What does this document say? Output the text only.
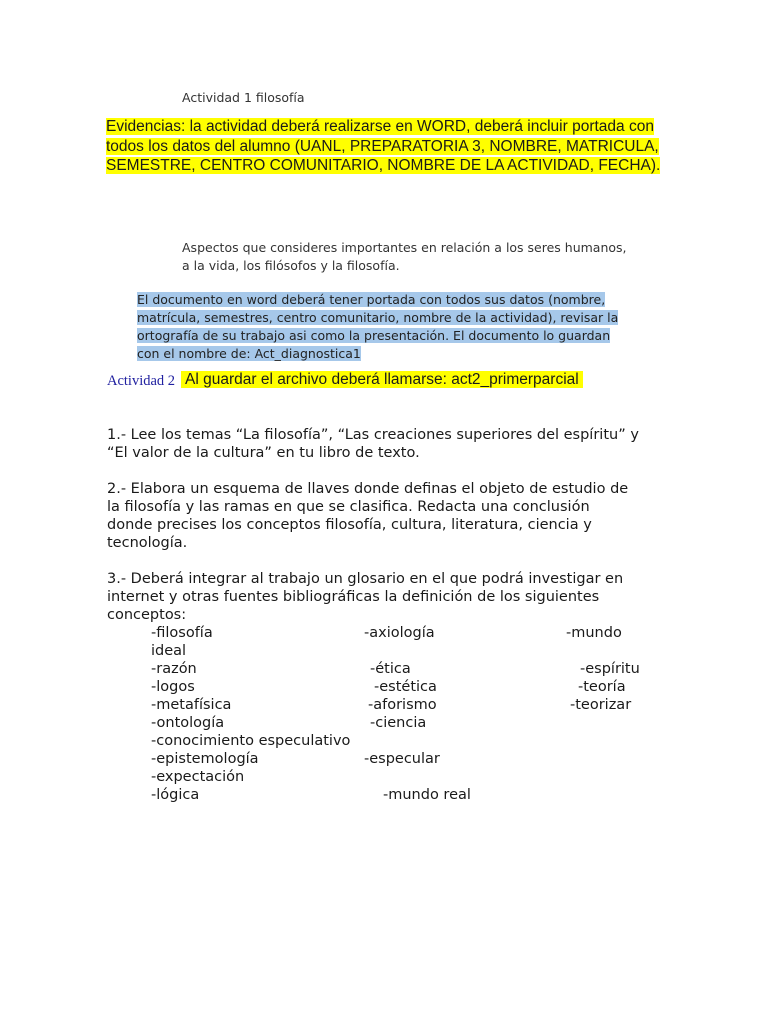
Actividad 1 filosofía
Evidencias: la actividad deberá realizarse en WORD, deberá incluir portada con todos los datos del alumno (UANL, PREPARATORIA 3, NOMBRE, MATRICULA, SEMESTRE, CENTRO COMUNITARIO, NOMBRE DE LA ACTIVIDAD, FECHA).
Aspectos que consideres importantes en relación a los seres humanos,
a la vida, los filósofos y la filosofía.
El documento en word deberá tener portada con todos sus datos (nombre,
matrícula, semestres, centro comunitario, nombre de la actividad), revisar la
ortografía de su trabajo asi como la presentación. El documento lo guardan
con el nombre de: Act_diagnostica1
Actividad 2 Al guardar el archivo deberá llamarse: act2_primerparcial
1.- Lee los temas “La filosofía”, “Las creaciones superiores del espíritu” y
“El valor de la cultura” en tu libro de texto.
2.- Elabora un esquema de llaves donde definas el objeto de estudio de
la filosofía y las ramas en que se clasifica. Redacta una conclusión
donde precises los conceptos filosofía, cultura, literatura, ciencia y
tecnología.
3.- Deberá integrar al trabajo un glosario en el que podrá investigar en
internet y otras fuentes bibliográficas la definición de los siguientes
conceptos:
-filosofía
ideal
-razón
-logos
-metafísica
-ontología
-conocimiento especulativo
-epistemología
-expectación
-lógica
-axiología
-ética
-estética
-aforismo
-ciencia
-especular
-mundo real
-mundo
-espíritu
-teoría
-teorizar
